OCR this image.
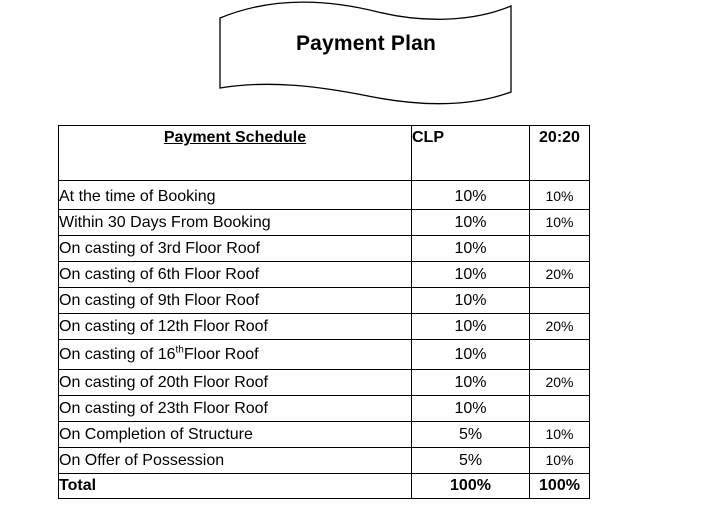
Payment Plan
Payment Schedule	CLP	20:20
At the time of Booking	10%	10%
Within 30 Days From Booking	10%	10%
On casting of 3rd Floor Roof	10%	
On casting of 6th Floor Roof	10%	20%
On casting of 9th Floor Roof	10%	
On casting of 12th Floor Roof	10%	20%
On casting of 16thFloor Roof	10%	
On casting of 20th Floor Roof	10%	20%
On casting of 23th Floor Roof	10%	
On Completion of Structure	5%	10%
On Offer of Possession	5%	10%
Total	100%	100%
